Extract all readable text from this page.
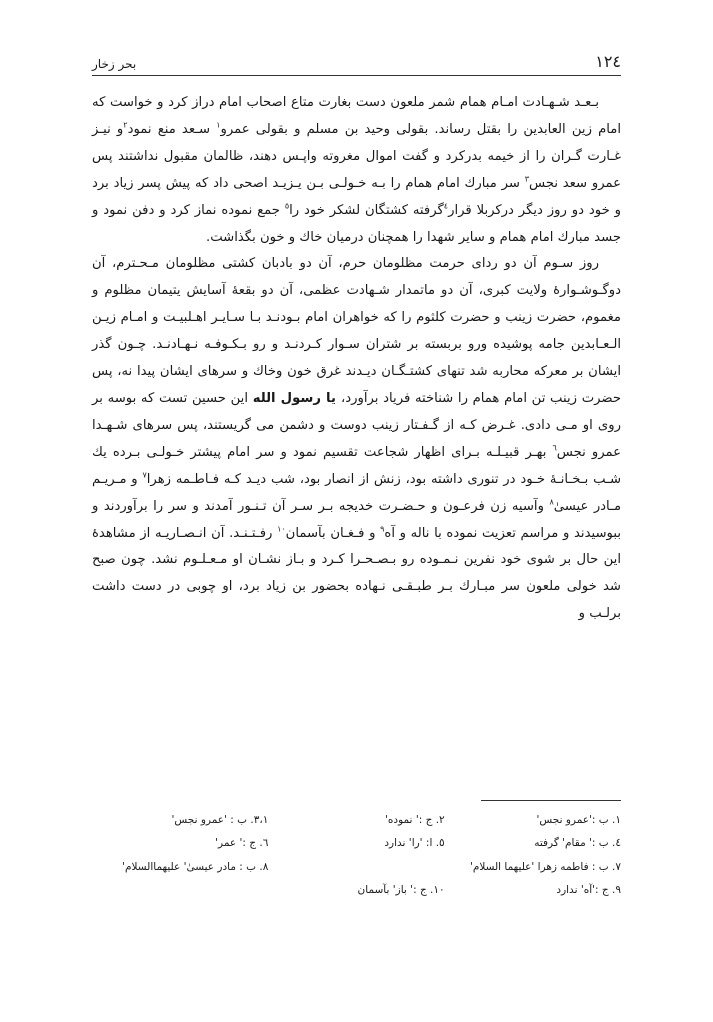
١٢٤
بحر زخار

بـعـد شـهـادت امـام همام شمر ملعون دست بغارت متاع اصحاب امام دراز کرد و خواست که امام زین العابدین را بقتل رساند. بقولی وحید بن مسلم و بقولی عمرو$^١$ سـعد منع نمود$^٢$و نیـز غـارت گـران را از خیمه بدرکرد و گفت اموال مغروته واپـس دهند، ظالمان مقبول نداشتند پس عمرو سعد نجس$^٣$ سر مبارك امام همام را بـه خـولـی بـن یـزیـد اصحی داد که پیش پسر زیاد برد و خود دو روز دیگر درکربلا قرار$^٤$گرفته کشتگان لشکر خود را$^٥$ جمع نموده نماز کرد و دفن نمود و جسد مبارك امام همام و سایر شهدا را همچنان درمیان خاك و خون بگذاشت.

روز سـوم آن دو ردای حرمت مظلومان حرم، آن دو بادبان کشتی مظلومان مـحـترم، آن دوگـوشـوارۀ ولایت کبری، آن دو ماتمدار شـهادت عظمی، آن دو بقعۀ آسایش یتیمان مظلوم و مغموم، حضرت زینب و حضرت کلثوم را که خواهران امام بـودنـد بـا سـایـر اهـلبیـت و امـام زیـن الـعـابدین جامه پوشیده ورو بربسته بر شتران سـوار کـردنـد و رو بـکـوفـه نـهـادنـد. چـون گذر ایشان بر معرکه محاربه شد تنهای کشتـگـان دیـدند غرق خون وخاك و سرهای ایشان پیدا نه، پس حضرت زینب تن امام همام را شناخته فریاد برآورد، یا رسول الله این حسین تست که بوسه بر روی او مـی دادی. غـرض کـه از گـفـتار زینب دوست و دشمن می گریستند، پس سرهای شـهـدا عمرو نجس$^٦$ بهـر قبیـلـه بـرای اظهار شجاعت تقسیم نمود و سر امام پیشتر خـولـی بـرده یك شـب بـخـانـۀ خـود در تنوری داشته بود، زنش از انصار بود، شب دیـد کـه فـاطـمه زهرا$^٧$ و مـریـم مـادر عیسیٰ$^٨$ وآسیه زن فرعـون و حـضـرت خدیجه بـر سـر آن تـنـور آمدند و سر را برآوردند و ببوسیدند و مراسم تعزیت نموده با ناله و آه$^٩$ و فـغـان بآسمان$^{١٠}$ رفـتـنـد. آن انـصـاریـه از مشاهدۀ این حال بر شوی خود نفرین نـمـوده رو بـصـحـرا کـرد و بـاز نشـان او مـعـلـوم نشد. چون صبح شد خولی ملعون سر مبـارك بـر طبـقـی نـهاده بحضور بن زیاد برد، او چوبی در دست داشت برلـب و

١. ب :'عمرو نجس'
٢. ج :' نموده'
٣،١. ب : 'عمرو نجس'
٤. ب :' مقام' گرفته
٥. ا: 'را' ندارد
٦. ج :' عمر'
٧. ب : فاطمه زهرا 'علیهما السلام'
٨. ب : مادر عیسیٰ' علیهماالسلام'
٩. ج :'آه' ندارد
١٠. ج :' باز' بآسمان
